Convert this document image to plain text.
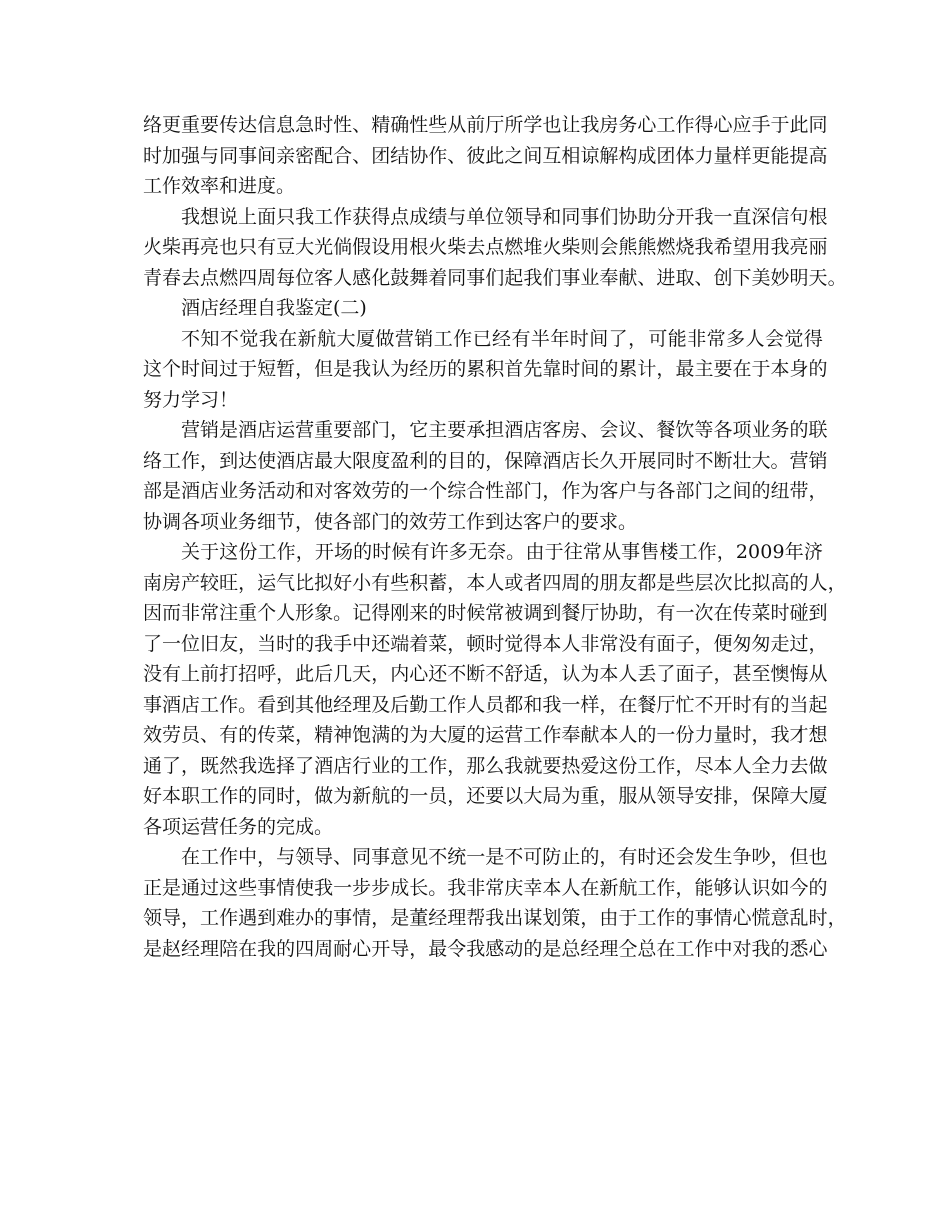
络 更 重 要 传 达 信 息 急 时 性 、 精 确 性 些 从 前 厅 所 学 也 让 我 房 务 心 工 作 得 心 应 手 于 此 同
时 加 强 与 同 事 间 亲 密 配 合 、 团 结 协 作 、 彼 此 之 间 互 相 谅 解 构 成 团 体 力 量 样 更 能 提 高
工作效率和进度。
我 想 说 上 面 只 我 工 作 获 得 点 成 绩 与 单 位 领 导 和 同 事 们 协 助 分 开 我 一 直 深 信 句 根
火 柴 再 亮 也 只 有 豆 大 光 倘 假 设 用 根 火 柴 去 点 燃 堆 火 柴 则 会 熊 熊 燃 烧 我 希 望 用 我 亮 丽
青 春 去 点 燃 四 周 每 位 客 人 感 化 鼓 舞 着 同 事 们 起 我 们 事 业 奉 献 、 进 取 、 创 下 美 妙 明 天 。
酒店经理自我鉴定(二)
不 知 不 觉 我 在 新 航 大 厦 做 营 销 工 作 已 经 有 半 年 时 间 了 ， 可 能 非 常 多 人 会 觉 得
这 个 时 间 过 于 短 暂 ， 但 是 我 认 为 经 历 的 累 积 首 先 靠 时 间 的 累 计 ， 最 主 要 在 于 本 身 的
努力学习！
营 销 是 酒 店 运 营 重 要 部 门 ， 它 主 要 承 担 酒 店 客 房 、 会 议 、 餐 饮 等 各 项 业 务 的 联
络 工 作 ， 到 达 使 酒 店 最 大 限 度 盈 利 的 目 的 ， 保 障 酒 店 长 久 开 展 同 时 不 断 壮 大 。 营 销
部 是 酒 店 业 务 活 动 和 对 客 效 劳 的 一 个 综 合 性 部 门 ， 作 为 客 户 与 各 部 门 之 间 的 纽 带 ，
协调各项业务细节，使各部门的效劳工作到达客户的要求。
关 于 这 份 工 作 ， 开 场 的 时 候 有 许 多 无 奈 。 由 于 往 常 从 事 售 楼 工 作 ， 2 0 0 9 年 济
南 房 产 较 旺 ， 运 气 比 拟 好 小 有 些 积 蓄 ， 本 人 或 者 四 周 的 朋 友 都 是 些 层 次 比 拟 高 的 人 ，
因 而 非 常 注 重 个 人 形 象 。 记 得 刚 来 的 时 候 常 被 调 到 餐 厅 协 助 ， 有 一 次 在 传 菜 时 碰 到
了 一 位 旧 友 ， 当 时 的 我 手 中 还 端 着 菜 ， 顿 时 觉 得 本 人 非 常 没 有 面 子 ， 便 匆 匆 走 过 ，
没 有 上 前 打 招 呼 ， 此 后 几 天 ， 内 心 还 不 断 不 舒 适 ， 认 为 本 人 丢 了 面 子 ， 甚 至 懊 悔 从
事 酒 店 工 作 。 看 到 其 他 经 理 及 后 勤 工 作 人 员 都 和 我 一 样 ， 在 餐 厅 忙 不 开 时 有 的 当 起
效 劳 员 、 有 的 传 菜 ， 精 神 饱 满 的 为 大 厦 的 运 营 工 作 奉 献 本 人 的 一 份 力 量 时 ， 我 才 想
通 了 ， 既 然 我 选 择 了 酒 店 行 业 的 工 作 ， 那 么 我 就 要 热 爱 这 份 工 作 ， 尽 本 人 全 力 去 做
好 本 职 工 作 的 同 时 ， 做 为 新 航 的 一 员 ， 还 要 以 大 局 为 重 ， 服 从 领 导 安 排 ， 保 障 大 厦
各项运营任务的完成。
在 工 作 中 ， 与 领 导 、 同 事 意 见 不 统 一 是 不 可 防 止 的 ， 有 时 还 会 发 生 争 吵 ， 但 也
正 是 通 过 这 些 事 情 使 我 一 步 步 成 长 。 我 非 常 庆 幸 本 人 在 新 航 工 作 ， 能 够 认 识 如 今 的
领 导 ， 工 作 遇 到 难 办 的 事 情 ， 是 董 经 理 帮 我 出 谋 划 策 ， 由 于 工 作 的 事 情 心 慌 意 乱 时 ，
是 赵 经 理 陪 在 我 的 四 周 耐 心 开 导 ， 最 令 我 感 动 的 是 总 经 理 仝 总 在 工 作 中 对 我 的 悉 心
